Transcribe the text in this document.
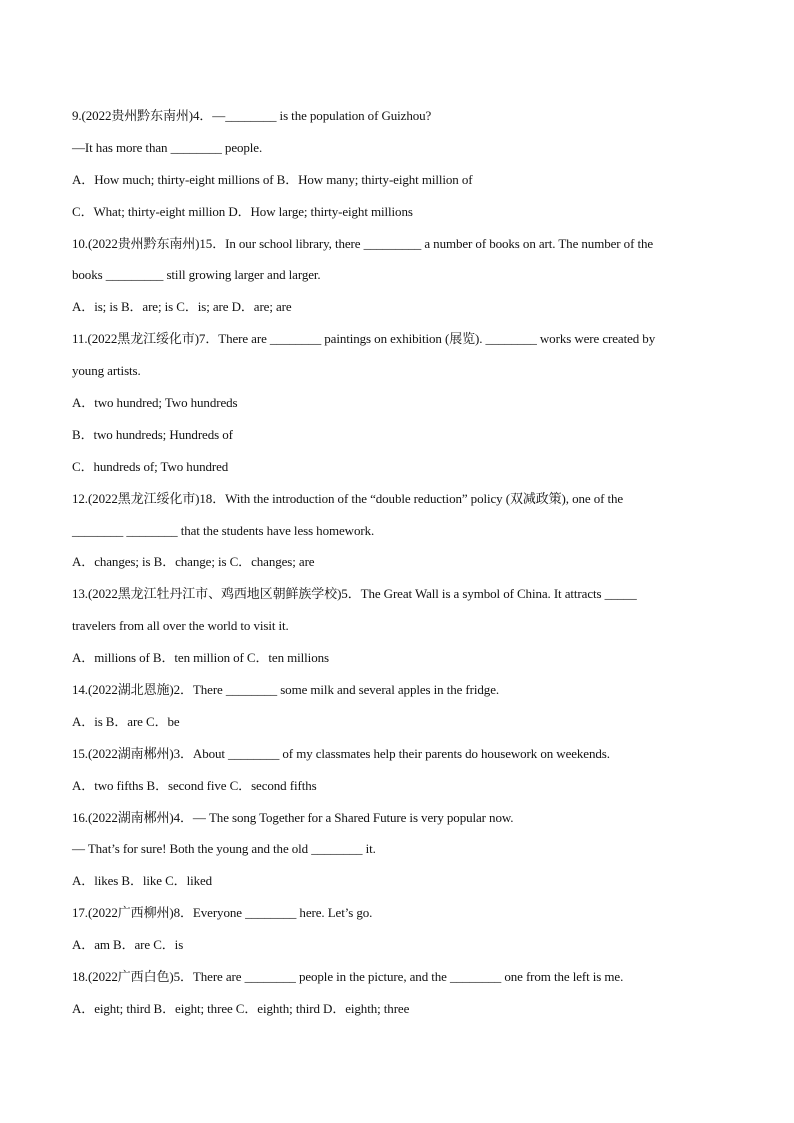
9.(2022贵州黔东南州)4．—________ is the population of Guizhou?
—It has more than ________ people.
A．How much; thirty-eight millions of B．How many; thirty-eight million of
C．What; thirty-eight million D．How large; thirty-eight millions
10.(2022贵州黔东南州)15．In our school library, there _________ a number of books on art. The number of the
books _________ still growing larger and larger.
A．is; is B．are; is C．is; are D．are; are
11.(2022黑龙江绥化市)7．There are ________ paintings on exhibition (展览). ________ works were created by
young artists.
A．two hundred; Two hundreds
B．two hundreds; Hundreds of
C．hundreds of; Two hundred
12.(2022黑龙江绥化市)18．With the introduction of the “double reduction” policy (双减政策), one of the
________ ________ that the students have less homework.
A．changes; is B．change; is C．changes; are
13.(2022黑龙江牡丹江市、鸡西地区朝鲜族学校)5．The Great Wall is a symbol of China. It attracts _____
travelers from all over the world to visit it.
A．millions of B．ten million of C．ten millions
14.(2022湖北恩施)2．There ________ some milk and several apples in the fridge.
A．is B．are C．be
15.(2022湖南郴州)3．About ________ of my classmates help their parents do housework on weekends.
A．two fifths B．second five C．second fifths
16.(2022湖南郴州)4．— The song Together for a Shared Future is very popular now.
— That’s for sure! Both the young and the old ________ it.
A．likes B．like C．liked
17.(2022广西柳州)8．Everyone ________ here. Let’s go.
A．am B．are C．is
18.(2022广西白色)5．There are ________ people in the picture, and the ________ one from the left is me.
A．eight; third B．eight; three C．eighth; third D．eighth; three
